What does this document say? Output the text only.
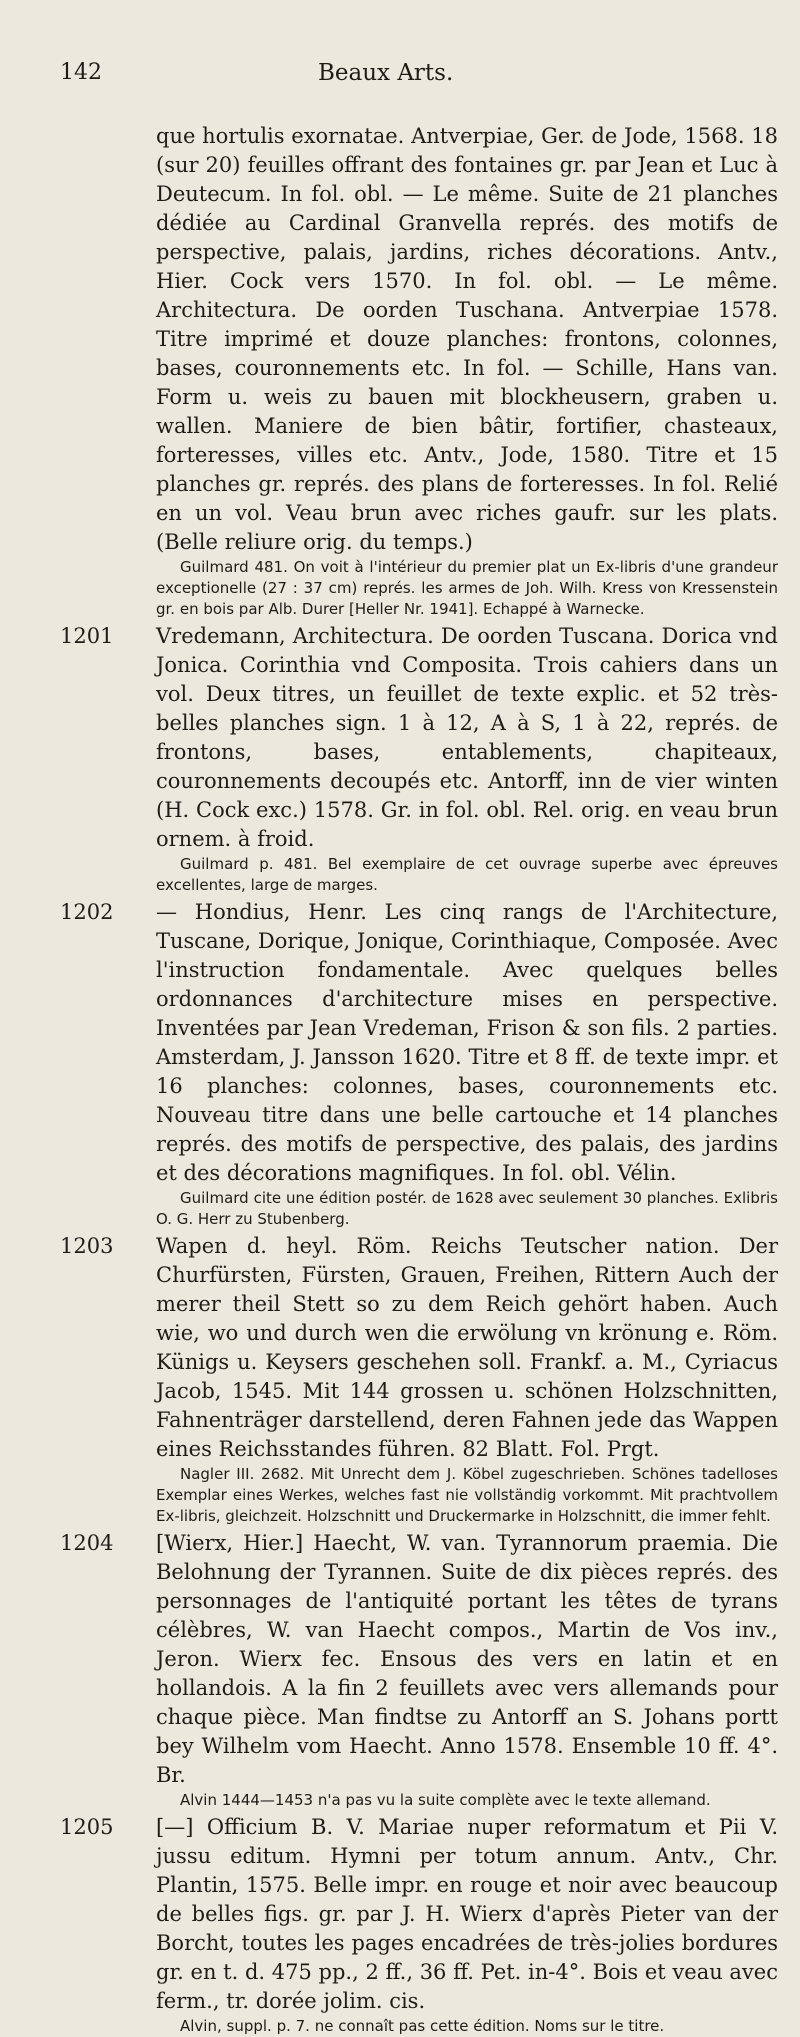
142	Beaux Arts.
que hortulis exornatae. Antverpiae, Ger. de Jode, 1568. 18 (sur 20) feuilles offrant des fontaines gr. par Jean et Luc à Deutecum. In fol. obl. — Le même. Suite de 21 planches dédiée au Cardinal Granvella représ. des motifs de perspective, palais, jardins, riches décorations. Antv., Hier. Cock vers 1570. In fol. obl. — Le même. Architectura. De oorden Tuschana. Antverpiae 1578. Titre imprimé et douze planches: frontons, colonnes, bases, couronnements etc. In fol. — Schille, Hans van. Form u. weis zu bauen mit blockheusern, graben u. wallen. Maniere de bien bâtir, fortifier, chasteaux, forteresses, villes etc. Antv., Jode, 1580. Titre et 15 planches gr. représ. des plans de forteresses. In fol. Relié en un vol. Veau brun avec riches gaufr. sur les plats. (Belle reliure orig. du temps.)
Guilmard 481. On voit à l'intérieur du premier plat un Ex-libris d'une grandeur exceptionelle (27 : 37 cm) représ. les armes de Joh. Wilh. Kress von Kressenstein gr. en bois par Alb. Durer [Heller Nr. 1941]. Echappé à Warnecke.
1201 Vredemann, Architectura. De oorden Tuscana. Dorica vnd Jonica. Corinthia vnd Composita. Trois cahiers dans un vol. Deux titres, un feuillet de texte explic. et 52 très-belles planches sign. 1 à 12, A à S, 1 à 22, représ. de frontons, bases, entablements, chapiteaux, couronnements decoupés etc. Antorff, inn de vier winten (H. Cock exc.) 1578. Gr. in fol. obl. Rel. orig. en veau brun ornem. à froid.
Guilmard p. 481. Bel exemplaire de cet ouvrage superbe avec épreuves excellentes, large de marges.
1202 — Hondius, Henr. Les cinq rangs de l'Architecture, Tuscane, Dorique, Jonique, Corinthiaque, Composée. Avec l'instruction fondamentale. Avec quelques belles ordonnances d'architecture mises en perspective. Inventées par Jean Vredeman, Frison & son fils. 2 parties. Amsterdam, J. Jansson 1620. Titre et 8 ff. de texte impr. et 16 planches: colonnes, bases, couronnements etc. Nouveau titre dans une belle cartouche et 14 planches représ. des motifs de perspective, des palais, des jardins et des décorations magnifiques. In fol. obl. Vélin.
Guilmard cite une édition postér. de 1628 avec seulement 30 planches. Exlibris O. G. Herr zu Stubenberg.
1203 Wapen d. heyl. Röm. Reichs Teutscher nation. Der Churfürsten, Fürsten, Grauen, Freihen, Rittern Auch der merer theil Stett so zu dem Reich gehört haben. Auch wie, wo und durch wen die erwölung vn krönung e. Röm. Künigs u. Keysers geschehen soll. Frankf. a. M., Cyriacus Jacob, 1545. Mit 144 grossen u. schönen Holzschnitten, Fahnenträger darstellend, deren Fahnen jede das Wappen eines Reichsstandes führen. 82 Blatt. Fol. Prgt.
Nagler III. 2682. Mit Unrecht dem J. Köbel zugeschrieben. Schönes tadelloses Exemplar eines Werkes, welches fast nie vollständig vorkommt. Mit prachtvollem Ex-libris, gleichzeit. Holzschnitt und Druckermarke in Holzschnitt, die immer fehlt.
1204 [Wierx, Hier.] Haecht, W. van. Tyrannorum praemia. Die Belohnung der Tyrannen. Suite de dix pièces représ. des personnages de l'antiquité portant les têtes de tyrans célèbres, W. van Haecht compos., Martin de Vos inv., Jeron. Wierx fec. Ensous des vers en latin et en hollandois. A la fin 2 feuillets avec vers allemands pour chaque pièce. Man findtse zu Antorff an S. Johans portt bey Wilhelm vom Haecht. Anno 1578. Ensemble 10 ff. 4°. Br.
Alvin 1444—1453 n'a pas vu la suite complète avec le texte allemand.
1205 [—] Officium B. V. Mariae nuper reformatum et Pii V. jussu editum. Hymni per totum annum. Antv., Chr. Plantin, 1575. Belle impr. en rouge et noir avec beaucoup de belles figs. gr. par J. H. Wierx d'après Pieter van der Borcht, toutes les pages encadrées de très-jolies bordures gr. en t. d. 475 pp., 2 ff., 36 ff. Pet. in-4°. Bois et veau avec ferm., tr. dorée jolim. cis.
Alvin, suppl. p. 7. ne connaît pas cette édition. Noms sur le titre.
